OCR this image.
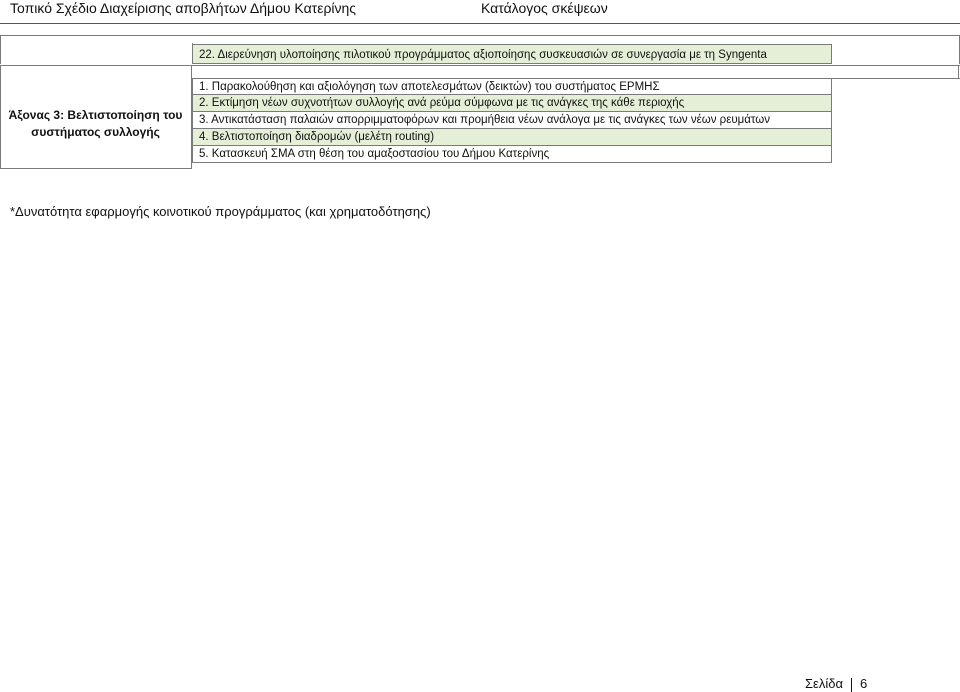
Τοπικό Σχέδιο Διαχείρισης αποβλήτων Δήμου Κατερίνης	Κατάλογος σκέψεων
22. Διερεύνηση υλοποίησης πιλοτικού προγράμματος αξιοποίησης συσκευασιών σε συνεργασία με τη Syngenta
Άξονας 3: Βελτιστοποίηση του συστήματος συλλογής
1. Παρακολούθηση και αξιολόγηση των αποτελεσμάτων (δεικτών) του συστήματος ΕΡΜΗΣ
2. Εκτίμηση νέων συχνοτήτων συλλογής ανά ρεύμα σύμφωνα με τις ανάγκες της κάθε περιοχής
3. Αντικατάσταση παλαιών απορριμματοφόρων και προμήθεια νέων ανάλογα με τις ανάγκες των νέων ρευμάτων
4. Βελτιστοποίηση διαδρομών (μελέτη routing)
5. Κατασκευή ΣΜΑ στη θέση του αμαξοστασίου του Δήμου Κατερίνης
*Δυνατότητα εφαρμογής κοινοτικού προγράμματος (και χρηματοδότησης)
Σελίδα 6
